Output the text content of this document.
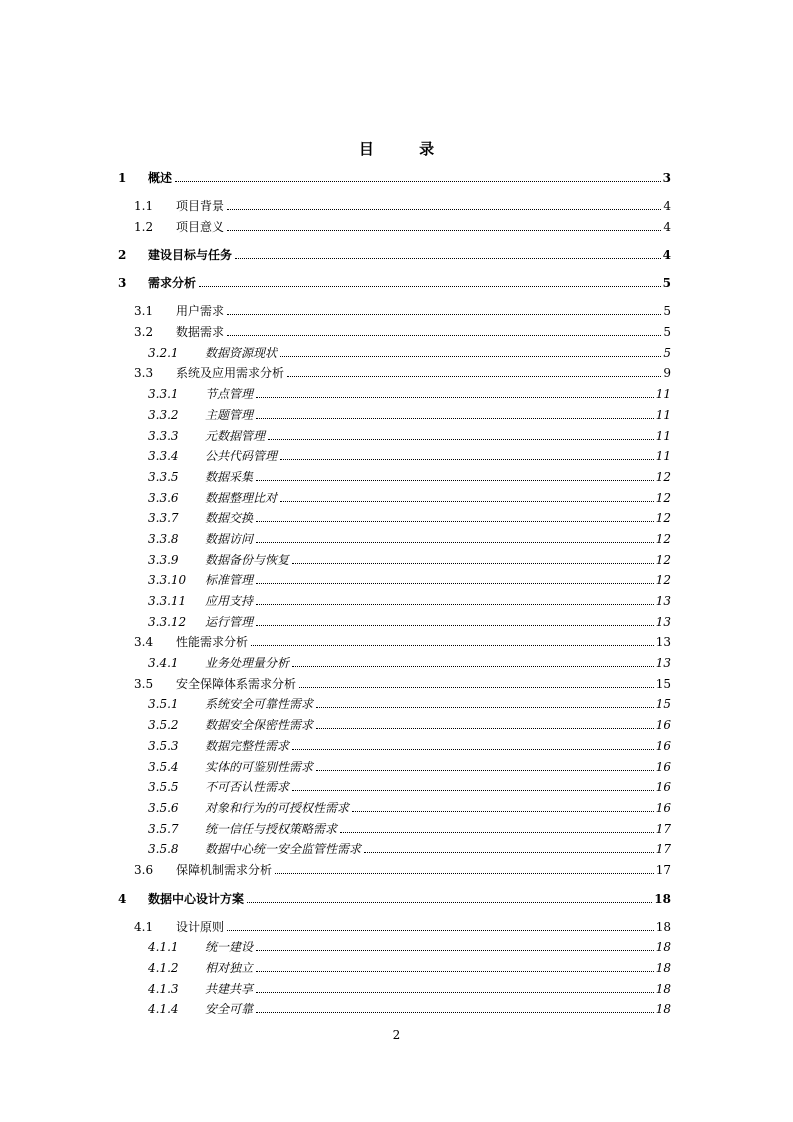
目 录
1 概述	3
1.1 项目背景	4
1.2 项目意义	4
2 建设目标与任务	4
3 需求分析	5
3.1 用户需求	5
3.2 数据需求	5
3.2.1 数据资源现状	5
3.3 系统及应用需求分析	9
3.3.1 节点管理	11
3.3.2 主题管理	11
3.3.3 元数据管理	11
3.3.4 公共代码管理	11
3.3.5 数据采集	12
3.3.6 数据整理比对	12
3.3.7 数据交换	12
3.3.8 数据访问	12
3.3.9 数据备份与恢复	12
3.3.10 标准管理	12
3.3.11 应用支持	13
3.3.12 运行管理	13
3.4 性能需求分析	13
3.4.1 业务处理量分析	13
3.5 安全保障体系需求分析	15
3.5.1 系统安全可靠性需求	15
3.5.2 数据安全保密性需求	16
3.5.3 数据完整性需求	16
3.5.4 实体的可鉴别性需求	16
3.5.5 不可否认性需求	16
3.5.6 对象和行为的可授权性需求	16
3.5.7 统一信任与授权策略需求	17
3.5.8 数据中心统一安全监管性需求	17
3.6 保障机制需求分析	17
4 数据中心设计方案	18
4.1 设计原则	18
4.1.1 统一建设	18
4.1.2 相对独立	18
4.1.3 共建共享	18
4.1.4 安全可靠	18
2
